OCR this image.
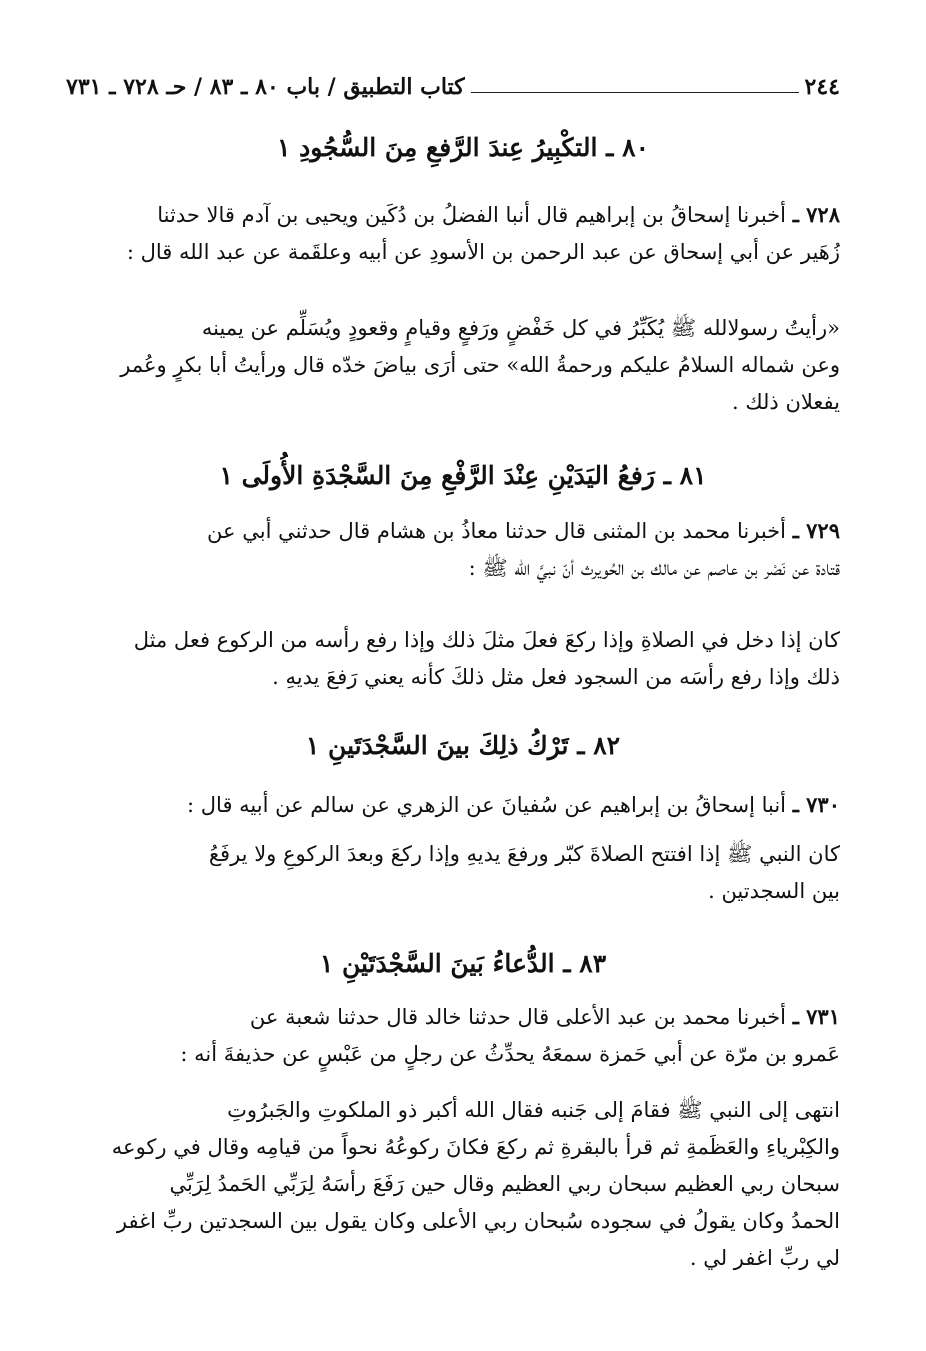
٢٤٤
كتاب التطبيق / باب ٨٠ ـ ٨٣ / حـ ٧٢٨ ـ ٧٣١
٨٠ ـ التكْبِيرُ عِندَ الرَّفعِ مِنَ السُّجُودِ ١
٧٢٨ ـ أخبرنا إسحاقُ بن إبراهيم قال أنبا الفضلُ بن دُكَين ويحيى بن آدم قالا حدثنا
زُهَير عن أبي إسحاق عن عبد الرحمن بن الأسودِ عن أبيه وعلقَمة عن عبد الله قال :
«رأيتُ رسولالله ﷺ يُكَبِّرُ في كل خَفْضٍ ورَفعٍ وقيامٍ وقعودٍ ويُسَلِّم عن يمينه
وعن شماله السلامُ عليكم ورحمةُ الله» حتى أرَى بياضَ خدّه قال ورأيتُ أبا بكرٍ وعُمر
يفعلان ذلك .
٨١ ـ رَفعُ اليَدَيْنِ عِنْدَ الرَّفْعِ مِنَ السَّجْدَةِ الأُولَى ١
٧٢٩ ـ أخبرنا محمد بن المثنى قال حدثنا معاذُ بن هشام قال حدثني أبي عن
قتادة عن نَصْر بن عاصم عن مالك بن الحُويرث أنّ نبيَّ الله ﷺ :
كان إذا دخل في الصلاةِ وإذا ركعَ فعلَ مثلَ ذلك وإذا رفع رأسه من الركوع فعل مثل
ذلك وإذا رفع رأسَه من السجود فعل مثل ذلكَ كأنه يعني رَفعَ يديهِ .
٨٢ ـ تَرْكُ ذلِكَ بينَ السَّجْدَتَينِ ١
٧٣٠ ـ أنبا إسحاقُ بن إبراهيم عن سُفيانَ عن الزهري عن سالم عن أبيه قال :
كان النبي ﷺ إذا افتتح الصلاةَ كبّر ورفعَ يديهِ وإذا ركعَ وبعدَ الركوعِ ولا يرفَعُ
بين السجدتين .
٨٣ ـ الدُّعاءُ بَينَ السَّجْدَتَيْنِ ١
٧٣١ ـ أخبرنا محمد بن عبد الأعلى قال حدثنا خالد قال حدثنا شعبة عن
عَمرو بن مرّة عن أبي حَمزة سمعَهُ يحدِّثُ عن رجلٍ من عَبْسٍ عن حذيفةَ أنه :
انتهى إلى النبي ﷺ فقامَ إلى جَنبه فقال الله أكبر ذو الملكوتِ والجَبرُوتِ
والكِبْرياءِ والعَظَمةِ ثم قرأ بالبقرةِ ثم ركعَ فكانَ ركوعُهُ نحواً من قيامِه وقال في ركوعه
سبحان ربي العظيم سبحان ربي العظيم وقال حين رَفَعَ رأسَهُ لِرَبِّي الحَمدُ لِرَبِّي
الحمدُ وكان يقولُ في سجوده سُبحان ربي الأعلى وكان يقول بين السجدتين ربِّ اغفر
لي ربِّ اغفر لي .
